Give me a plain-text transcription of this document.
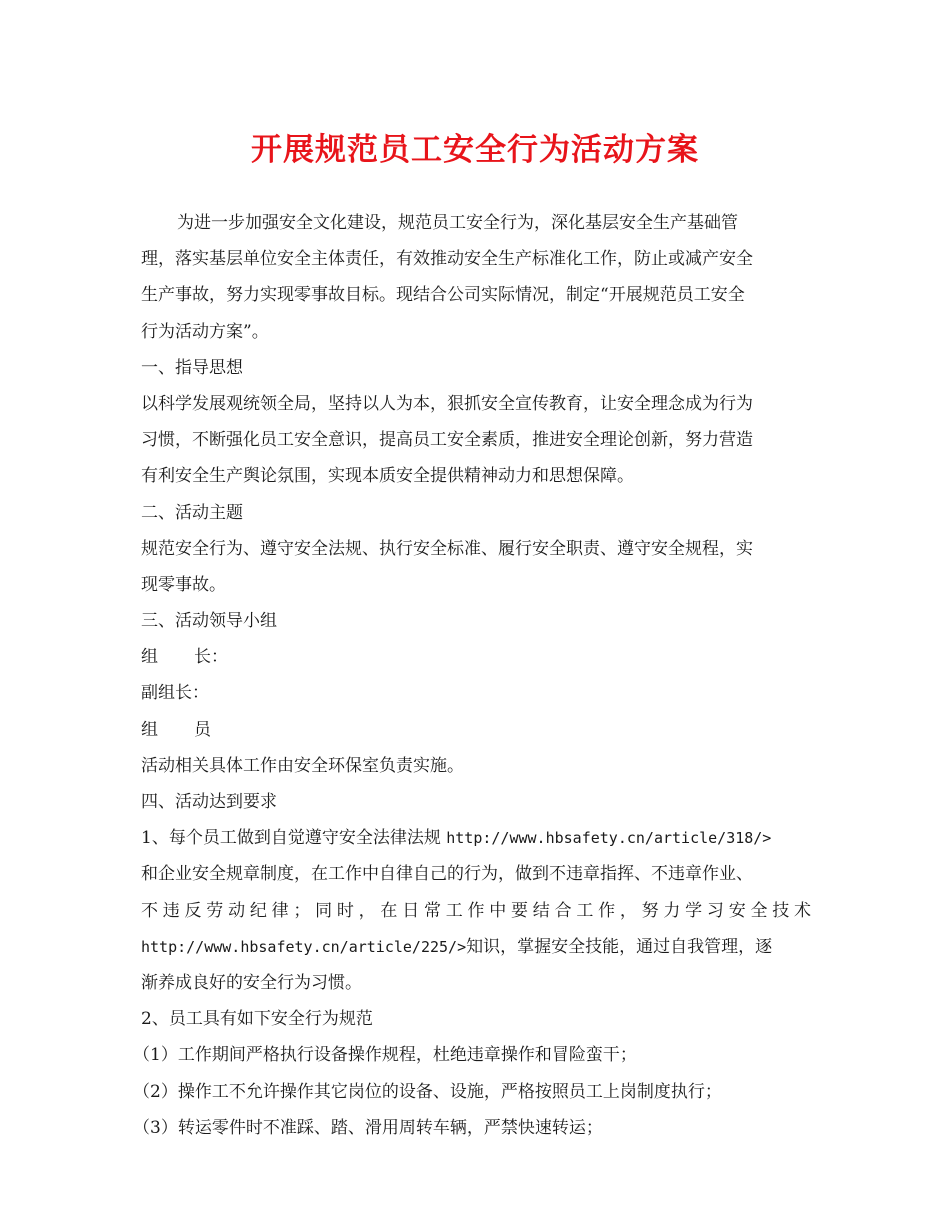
开展规范员工安全行为活动方案
为进一步加强安全文化建设，规范员工安全行为，深化基层安全生产基础管
理，落实基层单位安全主体责任，有效推动安全生产标准化工作，防止或减产安全
生产事故，努力实现零事故目标。现结合公司实际情况，制定“开展规范员工安全
行为活动方案”。
一、指导思想
以科学发展观统领全局，坚持以人为本，狠抓安全宣传教育，让安全理念成为行为
习惯，不断强化员工安全意识，提高员工安全素质，推进安全理论创新，努力营造
有利安全生产舆论氛围，实现本质安全提供精神动力和思想保障。
二、活动主题
规范安全行为、遵守安全法规、执行安全标准、履行安全职责、遵守安全规程，实
现零事故。
三、活动领导小组
组 长：
副组长：
组 员
活动相关具体工作由安全环保室负责实施。
四、活动达到要求
1、每个员工做到自觉遵守安全法律法规 http://www.hbsafety.cn/article/318/>
和企业安全规章制度，在工作中自律自己的行为，做到不违章指挥、不违章作业、
不违反劳动纪律；同时，在日常工作中要结合工作，努力学习安全技术
http://www.hbsafety.cn/article/225/>知识，掌握安全技能，通过自我管理，逐
渐养成良好的安全行为习惯。
2、员工具有如下安全行为规范
（1）工作期间严格执行设备操作规程，杜绝违章操作和冒险蛮干；
（2）操作工不允许操作其它岗位的设备、设施，严格按照员工上岗制度执行；
（3）转运零件时不准踩、踏、滑用周转车辆，严禁快速转运；
